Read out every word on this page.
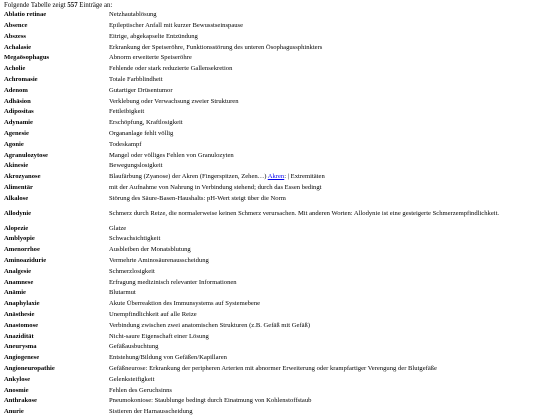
Folgende Tabelle zeigt 557 Einträge an:
Ablatio retinae	Netzhautablösung
Absence	Epileptischer Anfall mit kurzer Bewusstseinspause
Abszess	Eitrige, abgekapselte Entzündung
Achalasie	Erkrankung der Speiseröhre, Funktionsstörung des unteren Ösophagussphinkters
Megaösophagus	Abnorm erweiterte Speiseröhre
Acholie	Fehlende oder stark reduzierte Gallensekretion
Achromasie	Totale Farbblindheit
Adenom	Gutartiger Drüsentumor
Adhäsion	Verklebung oder Verwachsung zweier Strukturen
Adipositas	Fettleibigkeit
Adynamie	Erschöpfung, Kraftlosigkeit
Agenesie	Organanlage fehlt völlig
Agonie	Todeskampf
Agranulozytose	Mangel oder völliges Fehlen von Granulozyten
Akinesie	Bewegungslosigkeit
Akrozyanose	Blaufärbung (Zyanose) der Akren (Fingerspitzen, Zehen…) Akren: | Extremitäten
Alimentär	mit der Aufnahme von Nahrung in Verbindung stehend; durch das Essen bedingt
Alkalose	Störung des Säure-Basen-Haushalts: pH-Wert steigt über die Norm
Allodynie	Schmerz durch Reize, die normalerweise keinen Schmerz verursachen. Mit anderen Worten: Allodynie ist eine gesteigerte Schmerzempfindlichkeit.
Alopezie	Glatze
Amblyopie	Schwachsichtigkeit
Amenorrhoe	Ausbleiben der Monatsblutung
Aminoazidurie	Vermehrte Aminosäurenausscheidung
Analgesie	Schmerzlosigkeit
Anamnese	Erfragung medizinisch relevanter Informationen
Anämie	Blutarmut
Anaphylaxie	Akute Überreaktion des Immunsystems auf Systemebene
Anästhesie	Unempfindlichkeit auf alle Reize
Anastomose	Verbindung zwischen zwei anatomischen Strukturen (z.B. Gefäß mit Gefäß)
Anazidität	Nicht-saure Eigenschaft einer Lösung
Aneurysma	Gefäßausbuchtung
Angiogenese	Entstehung/Bildung von Gefäßen/Kapillaren
Angioneuropathie	Gefäßneurose: Erkrankung der peripheren Arterien mit abnormer Erweiterung oder krampfartiger Verengung der Blutgefäße
Ankylose	Gelenksteifigkeit
Anosmie	Fehlen des Geruchsinns
Anthrakose	Pneumokoniose: Staublunge bedingt durch Einatmung von Kohlenstoffstaub
Anurie	Sistieren der Harnausscheidung
